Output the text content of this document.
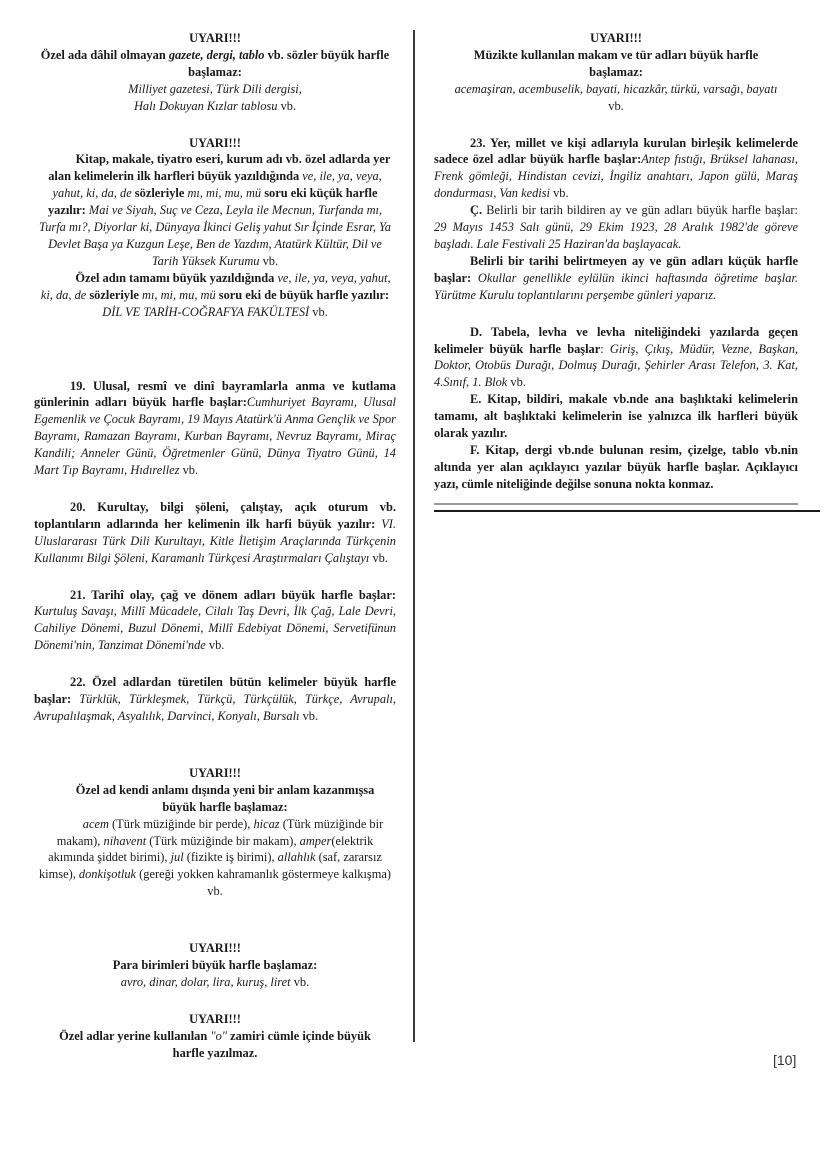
UYARI!!!

Özel ada dâhil olmayan gazete, dergi, tablo vb. sözler büyük harfle başlamaz:

Milliyet gazetesi, Türk Dili dergisi,

Halı Dokuyan Kızlar tablosu vb.

UYARI!!!

Kitap, makale, tiyatro eseri, kurum adı vb. özel adlarda yer alan kelimelerin ilk harfleri büyük yazıldığında ve, ile, ya, veya, yahut, ki, da, de sözleriyle mı, mi, mu, mü soru eki küçük harfle yazılır: Mai ve Siyah, Suç ve Ceza, Leyla ile Mecnun, Turfanda mı, Turfa mı?, Diyorlar ki, Dünyaya İkinci Geliş yahut Sır İçinde Esrar, Ya Devlet Başa ya Kuzgun Leşe, Ben de Yazdım, Atatürk Kültür, Dil ve Tarih Yüksek Kurumu vb.

Özel adın tamamı büyük yazıldığında ve, ile, ya, veya, yahut, ki, da, de sözleriyle mı, mi, mu, mü soru eki de büyük harfle yazılır:

DİL VE TARİH-COĞRAFYA FAKÜLTESİ vb.

19. Ulusal, resmî ve dinî bayramlarla anma ve kutlama günlerinin adları büyük harfle başlar:Cumhuriyet Bayramı, Ulusal Egemenlik ve Çocuk Bayramı, 19 Mayıs Atatürk'ü Anma Gençlik ve Spor Bayramı, Ramazan Bayramı, Kurban Bayramı, Nevruz Bayramı, Miraç Kandili; Anneler Günü, Öğretmenler Günü, Dünya Tiyatro Günü, 14 Mart Tıp Bayramı, Hıdırellez vb.

20. Kurultay, bilgi şöleni, çalıştay, açık oturum vb. toplantıların adlarında her kelimenin ilk harfi büyük yazılır: VI. Uluslararası Türk Dili Kurultayı, Kitle İletişim Araçlarında Türkçenin Kullanımı Bilgi Şöleni, Karamanlı Türkçesi Araştırmaları Çalıştayı vb.

21. Tarihî olay, çağ ve dönem adları büyük harfle başlar: Kurtuluş Savaşı, Millî Mücadele, Cilalı Taş Devri, İlk Çağ, Lale Devri, Cahiliye Dönemi, Buzul Dönemi, Millî Edebiyat Dönemi, Servetifünun Dönemi'nin, Tanzimat Dönemi'nde vb.

22. Özel adlardan türetilen bütün kelimeler büyük harfle başlar: Türklük, Türkleşmek, Türkçü, Türkçülük, Türkçe, Avrupalı, Avrupalılaşmak, Asyalılık, Darvinci, Konyalı, Bursalı vb.

UYARI!!!

Özel ad kendi anlamı dışında yeni bir anlam kazanmışsa büyük harfle başlamaz:

acem (Türk müziğinde bir perde), hicaz (Türk müziğinde bir makam), nihavent (Türk müziğinde bir makam), amper(elektrik akımında şiddet birimi), jul (fizikte iş birimi), allahlık (saf, zararsız kimse), donkişotluk (gereği yokken kahramanlık göstermeye kalkışma) vb.

UYARI!!!

Para birimleri büyük harfle başlamaz:

avro, dinar, dolar, lira, kuruş, liret vb.

UYARI!!!

Özel adlar yerine kullanılan "o" zamiri cümle içinde büyük harfle yazılmaz.

UYARI!!!

Müzikte kullanılan makam ve tür adları büyük harfle başlamaz:

acemaşiran, acembuselik, bayati, hicazkâr, türkü, varsağı, bayatı vb.

23. Yer, millet ve kişi adlarıyla kurulan birleşik kelimelerde sadece özel adlar büyük harfle başlar:Antep fıstığı, Brüksel lahanası, Frenk gömleği, Hindistan cevizi, İngiliz anahtarı, Japon gülü, Maraş dondurması, Van kedisi vb.

Ç. Belirli bir tarih bildiren ay ve gün adları büyük harfle başlar: 29 Mayıs 1453 Salı günü, 29 Ekim 1923, 28 Aralık 1982'de göreve başladı. Lale Festivali 25 Haziran'da başlayacak.

Belirli bir tarihi belirtmeyen ay ve gün adları küçük harfle başlar: Okullar genellikle eylülün ikinci haftasında öğretime başlar. Yürütme Kurulu toplantılarını perşembe günleri yaparız.

D. Tabela, levha ve levha niteliğindeki yazılarda geçen kelimeler büyük harfle başlar: Giriş, Çıkış, Müdür, Vezne, Başkan, Doktor, Otobüs Durağı, Dolmuş Durağı, Şehirler Arası Telefon, 3. Kat, 4.Sınıf, 1. Blok vb.

E. Kitap, bildiri, makale vb.nde ana başlıktaki kelimelerin tamamı, alt başlıktaki kelimelerin ise yalnızca ilk harfleri büyük olarak yazılır.

F. Kitap, dergi vb.nde bulunan resim, çizelge, tablo vb.nin altında yer alan açıklayıcı yazılar büyük harfle başlar. Açıklayıcı yazı, cümle niteliğinde değilse sonuna nokta konmaz.

[10]
